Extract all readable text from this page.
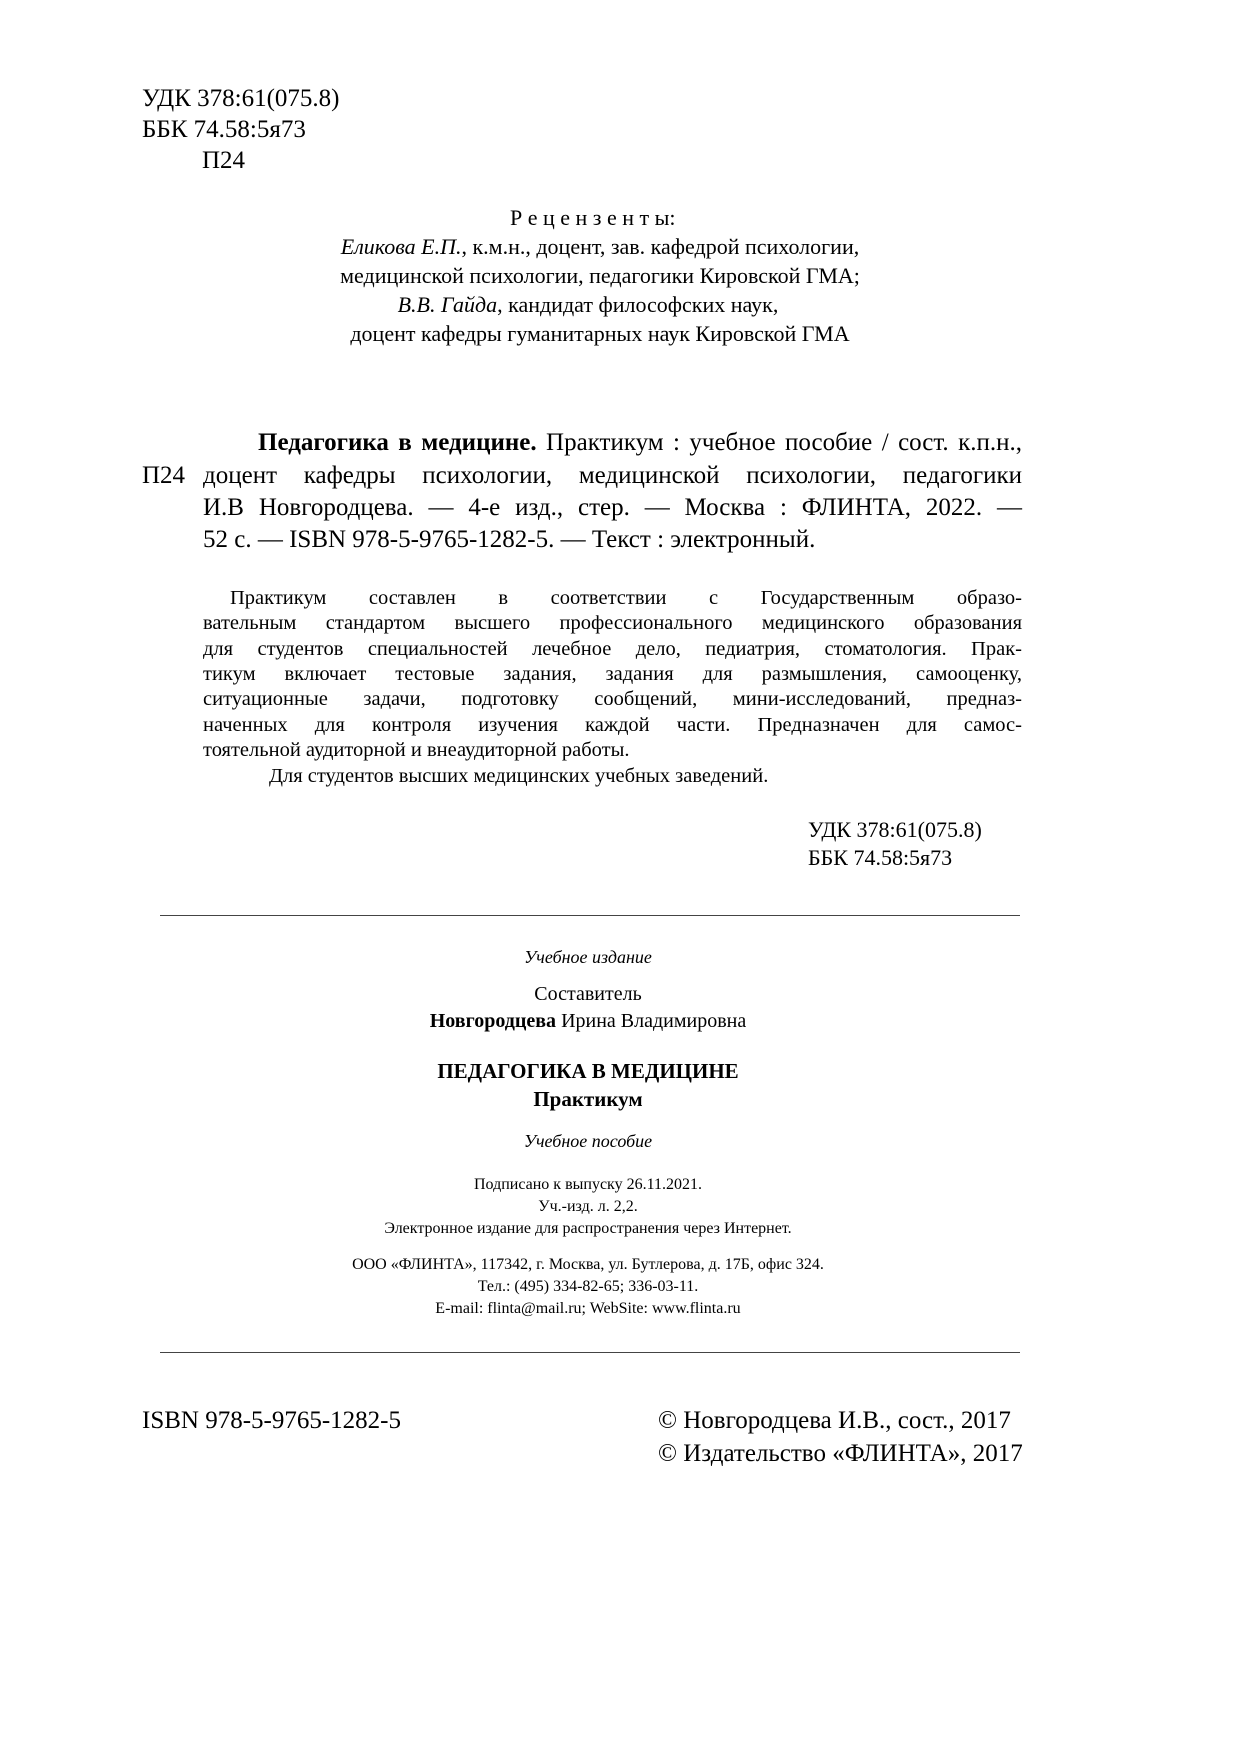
УДК 378:61(075.8)
ББК 74.58:5я73
П24
Р е ц е н з е н т ы:
Еликова Е.П., к.м.н., доцент, зав. кафедрой психологии,
медицинской психологии, педагогики Кировской ГМА;
В.В. Гайда, кандидат философских наук,
доцент кафедры гуманитарных наук Кировской ГМА
П24
Педагогика в медицине. Практикум : учебное пособие / сост. к.п.н.,
доцент кафедры психологии, медицинской психологии, педагогики
И.В Новгородцева. — 4-е изд., стер. — Москва : ФЛИНТА, 2022. —
52 с. — ISBN 978-5-9765-1282-5. — Текст : электронный.
Практикум составлен в соответствии с Государственным образо-
вательным стандартом высшего профессионального медицинского образования
для студентов специальностей лечебное дело, педиатрия, стоматология. Прак-
тикум включает тестовые задания, задания для размышления, самооценку,
ситуационные задачи, подготовку сообщений, мини-исследований, предназ-
наченных для контроля изучения каждой части. Предназначен для самос-
тоятельной аудиторной и внеаудиторной работы.
Для студентов высших медицинских учебных заведений.
УДК 378:61(075.8)
ББК 74.58:5я73
Учебное издание
Составитель
Новгородцева Ирина Владимировна
ПЕДАГОГИКА В МЕДИЦИНЕ
Практикум
Учебное пособие
Подписано к выпуску 26.11.2021.
Уч.-изд. л. 2,2.
Электронное издание для распространения через Интернет.
ООО «ФЛИНТА», 117342, г. Москва, ул. Бутлерова, д. 17Б, офис 324.
Тел.: (495) 334-82-65; 336-03-11.
E-mail: flinta@mail.ru; WebSite: www.flinta.ru
ISBN 978-5-9765-1282-5	© Новгородцева И.В., сост., 2017
© Издательство «ФЛИНТА», 2017
